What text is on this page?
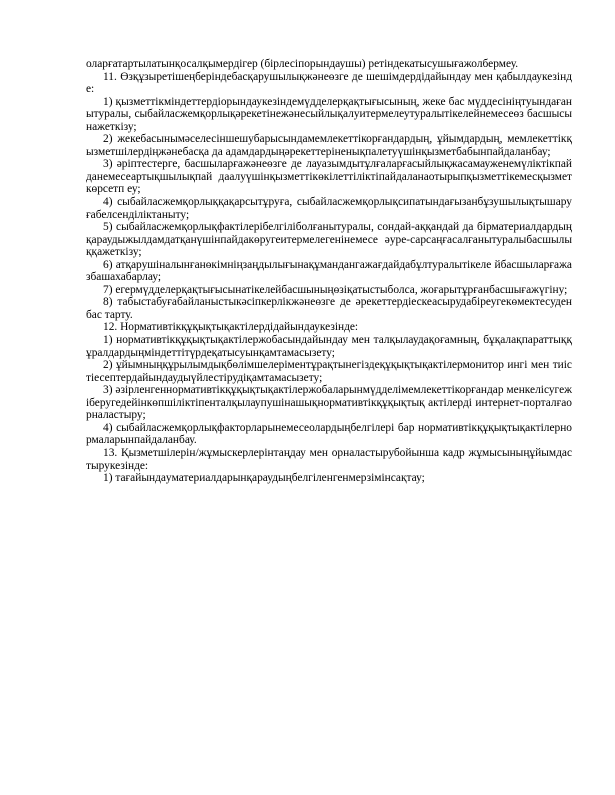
оларғатартылатынқосалқымердігер (бірлесіпорындаушы) ретіндекатысушығажолбермеу.

11. Өзқұзыретішеңберіндебасқарушылықжәнеөзге де шешімдердідайындау мен қабылдаукезінде:

1) қызметтікміндеттердіорындаукезіндемүдделерқақтығысының, жеке бас мүддесініңтуындағанытуралы, сыбайласжемқорлықәрекетінежәнесыйлықалуитермелеутуралытікелейнемесеөз басшысынажеткізу;

2) жекебасынымәселесіншешубарысындамемлекеттікорғандардың, ұйымдардың, мемлекеттікқызметшілердіңжәнебасқа да адамдардыңәрекеттеріненықпалетуүшінқызметбабынпайдаланбау;

3) әріптестерге, басшыларғажәнеөзге де лауазымдытұлғаларғасыйлықжасамауженемүліктікпайданемесеартықшылықпай даалуүшінқызметтікөкілеттіліктіпайдаланаотырыпқызметтікемесқызметкөрсетп еу;

4) сыбайласжемқорлыққақарсытұруға, сыбайласжемқорлықсипатындағызанбұзушылықтышаруғабелсенділіктаныту;

5) сыбайласжемқорлықфактілерібелгіліболғанытуралы, сондай-аққандай да бірматериалдардыңқараудыжылдамдатқанүшінпайдакөругеитермелегенінемесе әуре-сарсаңғасалғанытуралыбасшылыққажеткізу;

6) атқарушіналынғанөкімніңзаңдылығынақұмандангажағдайдабұлтуралытікеле йбасшыларғажазбашахабарлау;

7) егермүдделерқақтығысынатікелейбасшыныңөзіқатыстыболса, жоғарытұрғанбасшығажүгіну;

8) табыстабуғабайланыстыкәсіпкерлікжәнеөзге де әрекеттердіескеасырудабіреугекөмектесуден бас тарту.

12. Нормативтікқұқықтықактілердідайындаукезінде:

1) нормативтікқұқықтықактілержобасындайындау мен талқылаудақоғамның, бұқалақпараттыққұралдардыңміндеттітүрдеқатысуынқамтамасызету;

2) ұйымныңқұрылымдықбөлімшелеріментұрақтынегіздеқұқықтықактілермонитор ингі мен тиістіесептердайындаудыүйлестірудіқамтамасызету;

3) әзірленгеннормативтікқұқықтықактілержобаларынмүддeлімемлекеттікорғандар менкелісугежіберугедейінкөпшіліктіпенталқылаупушінашықнормативтікқұқықтық актілерді интернет-порталғаорналастыру;

4) сыбайласжемқорлықфакторларынемесеолардыңбелгілері бар нормативтікқұқықтықактілернормаларынпайдаланбау.

13. Қызметшілерін/жұмыскерлерінтаңдау мен орналастырубойынша кадр жұмысыныңұйымдастырукезінде:

1) тағайындаyматериалдарынқараудыңбелгіленгенмерзімінсақтау;
